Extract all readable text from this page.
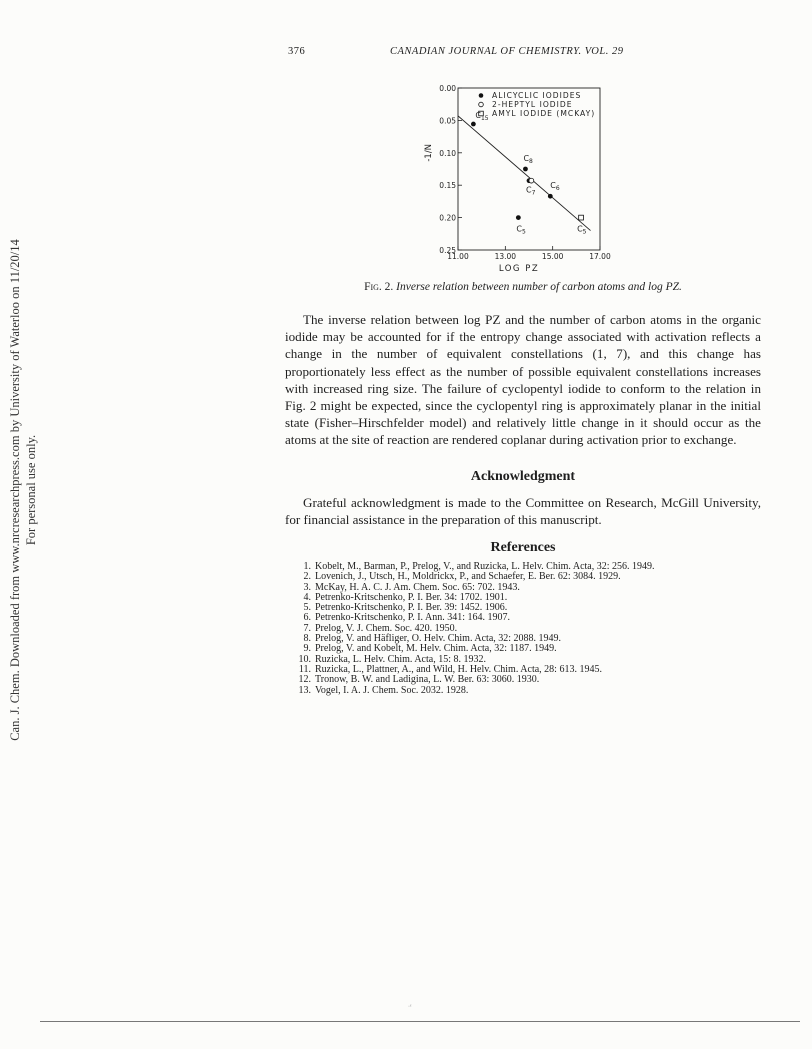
Can. J. Chem. Downloaded from www.nrcresearchpress.com by University of Waterloo on 11/20/14 For personal use only.
376	CANADIAN JOURNAL OF CHEMISTRY. VOL. 29
0.00
0.05
0.10
0.15
0.20
0.25
11.00	13.00	15.00	17.00
LOG PZ
-1/N
ALICYCLIC IODIDES
2-HEPTYL IODIDE
AMYL IODIDE (MCKAY)
$C_{15}$
$C_8$
$C_7$
$C_6$
$C_5$	$C_5$
Fig. 2. Inverse relation between number of carbon atoms and log PZ.

The inverse relation between log PZ and the number of carbon atoms in the organic iodide may be accounted for if the entropy change associated with activation reflects a change in the number of equivalent constellations (1, 7), and this change has proportionately less effect as the number of possible equivalent constellations increases with increased ring size. The failure of cyclopentyl iodide to conform to the relation in Fig. 2 might be expected, since the cyclopentyl ring is approximately planar in the initial state (Fisher–Hirschfelder model) and relatively little change in it should occur as the atoms at the site of reaction are rendered coplanar during activation prior to exchange.

Acknowledgment

Grateful acknowledgment is made to the Committee on Research, McGill University, for financial assistance in the preparation of this manuscript.

References
1. Kobelt, M., Barman, P., Prelog, V., and Ruzicka, L. Helv. Chim. Acta, 32: 256. 1949.
2. Lovenich, J., Utsch, H., Moldrickx, P., and Schaefer, E. Ber. 62: 3084. 1929.
3. McKay, H. A. C. J. Am. Chem. Soc. 65: 702. 1943.
4. Petrenko-Kritschenko, P. I. Ber. 34: 1702. 1901.
5. Petrenko-Kritschenko, P. I. Ber. 39: 1452. 1906.
6. Petrenko-Kritschenko, P. I. Ann. 341: 164. 1907.
7. Prelog, V. J. Chem. Soc. 420. 1950.
8. Prelog, V. and Häfliger, O. Helv. Chim. Acta, 32: 2088. 1949.
9. Prelog, V. and Kobelt, M. Helv. Chim. Acta, 32: 1187. 1949.
10. Ruzicka, L. Helv. Chim. Acta, 15: 8. 1932.
11. Ruzicka, L., Plattner, A., and Wild, H. Helv. Chim. Acta, 28: 613. 1945.
12. Tronow, B. W. and Ladigina, L. W. Ber. 63: 3060. 1930.
13. Vogel, I. A. J. Chem. Soc. 2032. 1928.
·ᵋ
